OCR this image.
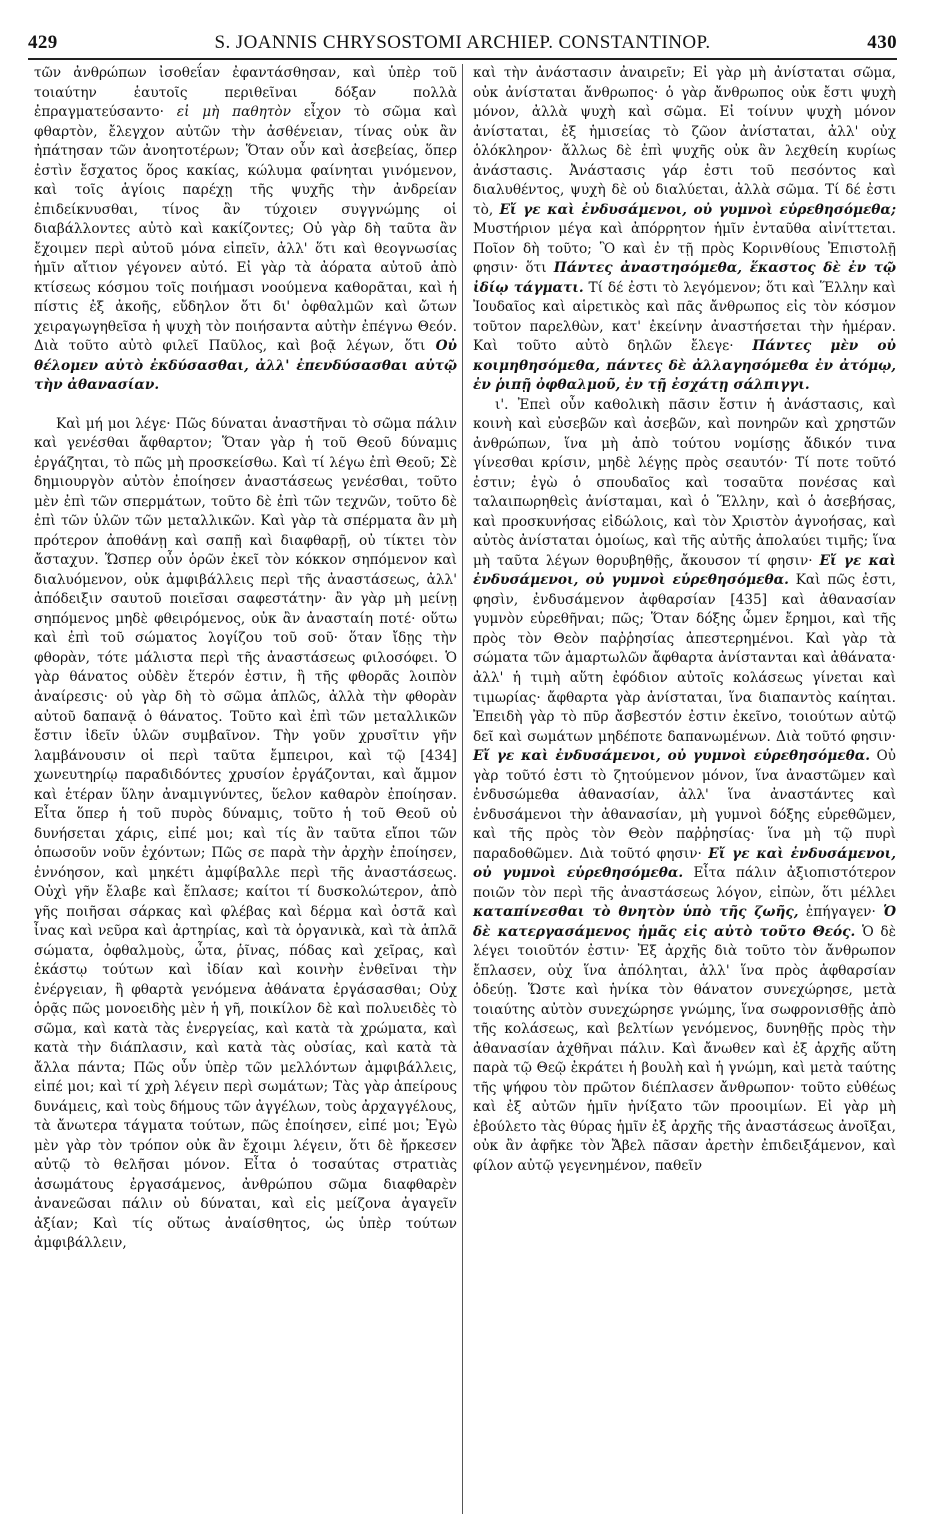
429	S. JOANNIS CHRYSOSTOMI ARCHIEP. CONSTANTINOP.	430

τῶν ἀνθρώπων ἰσοθεΐαν ἐφαντάσθησαν, καὶ ὑπὲρ τοῦ τοιαύτην ἑαυτοῖς περιθεῖναι δόξαν πολλὰ ἐπραγματεύσαντο· εἰ μὴ παθητὸν εἶχον τὸ σῶμα καὶ φθαρτὸν, ἔλεγχον αὐτῶν τὴν ἀσθένειαν, τίνας οὐκ ἂν ἠπάτησαν τῶν ἀνοητοτέρων; Ὅταν οὖν καὶ ἀσεβείας, ὅπερ ἐστὶν ἔσχατος ὅρος κακίας, κώλυμα φαίνηται γινόμενον, καὶ τοῖς ἁγίοις παρέχῃ τῆς ψυχῆς τὴν ἀνδρείαν ἐπιδείκνυσθαι, τίνος ἂν τύχοιεν συγγνώμης οἱ διαβάλλοντες αὐτὸ καὶ κακίζοντες; Οὐ γὰρ δὴ ταῦτα ἂν ἔχοιμεν περὶ αὐτοῦ μόνα εἰπεῖν, ἀλλ' ὅτι καὶ θεογνωσίας ἡμῖν αἴτιον γέγονεν αὐτό. Εἰ γὰρ τὰ ἀόρατα αὐτοῦ ἀπὸ κτίσεως κόσμου τοῖς ποιήμασι νοούμενα καθορᾶται, καὶ ἡ πίστις ἐξ ἀκοῆς, εὔδηλον ὅτι δι' ὀφθαλμῶν καὶ ὤτων χειραγωγηθεῖσα ἡ ψυχὴ τὸν ποιήσαντα αὐτὴν ἐπέγνω Θεόν. Διὰ τοῦτο αὐτὸ φιλεῖ Παῦλος, καὶ βοᾷ λέγων, ὅτι Οὐ θέλομεν αὐτὸ ἐκδύσασθαι, ἀλλ' ἐπενδύσασθαι αὐτῷ τὴν ἀθανασίαν.

Καὶ μή μοι λέγε· Πῶς δύναται ἀναστῆναι τὸ σῶμα πάλιν καὶ γενέσθαι ἄφθαρτον; Ὅταν γὰρ ἡ τοῦ Θεοῦ δύναμις ἐργάζηται, τὸ πῶς μὴ προσκείσθω. Καὶ τί λέγω ἐπὶ Θεοῦ; Σὲ δημιουργὸν αὐτὸν ἐποίησεν ἀναστάσεως γενέσθαι, τοῦτο μὲν ἐπὶ τῶν σπερμάτων, τοῦτο δὲ ἐπὶ τῶν τεχνῶν, τοῦτο δὲ ἐπὶ τῶν ὑλῶν τῶν μεταλλικῶν. Καὶ γὰρ τὰ σπέρματα ἂν μὴ πρότερον ἀποθάνῃ καὶ σαπῇ καὶ διαφθαρῇ, οὐ τίκτει τὸν ἄσταχυν. Ὥσπερ οὖν ὁρῶν ἐκεῖ τὸν κόκκον σηπόμενον καὶ διαλυόμενον, οὐκ ἀμφιβάλλεις περὶ τῆς ἀναστάσεως, ἀλλ' ἀπόδειξιν σαυτοῦ ποιεῖσαι σαφεστάτην· ἂν γὰρ μὴ μείνῃ σηπόμενος μηδὲ φθειρόμενος, οὐκ ἂν ἀνασταίη ποτέ· οὕτω καὶ ἐπὶ τοῦ σώματος λογίζου τοῦ σοῦ· ὅταν ἴδῃς τὴν φθορὰν, τότε μάλιστα περὶ τῆς ἀναστάσεως φιλοσόφει. Ὁ γὰρ θάνατος οὐδὲν ἕτερόν ἐστιν, ἢ τῆς φθορᾶς λοιπὸν ἀναίρεσις· οὐ γὰρ δὴ τὸ σῶμα ἁπλῶς, ἀλλὰ τὴν φθορὰν αὐτοῦ δαπανᾷ ὁ θάνατος. Τοῦτο καὶ ἐπὶ τῶν μεταλλικῶν ἔστιν ἰδεῖν ὑλῶν συμβαῖνον. Τὴν γοῦν χρυσῖτιν γῆν λαμβάνουσιν οἱ περὶ ταῦτα ἔμπειροι, καὶ τῷ [434] χωνευτηρίῳ παραδιδόντες χρυσίον ἐργάζονται, καὶ ἄμμον καὶ ἑτέραν ὕλην ἀναμιγνύντες, ὕελον καθαρὸν ἐποίησαν. Εἶτα ὅπερ ἡ τοῦ πυρὸς δύναμις, τοῦτο ἡ τοῦ Θεοῦ οὐ δυνήσεται χάρις, εἰπέ μοι; καὶ τίς ἂν ταῦτα εἴποι τῶν ὁπωσοῦν νοῦν ἐχόντων; Πῶς σε παρὰ τὴν ἀρχὴν ἐποίησεν, ἐννόησον, καὶ μηκέτι ἀμφίβαλλε περὶ τῆς ἀναστάσεως. Οὐχὶ γῆν ἔλαβε καὶ ἔπλασε; καίτοι τί δυσκολώτερον, ἀπὸ γῆς ποιῆσαι σάρκας καὶ φλέβας καὶ δέρμα καὶ ὀστᾶ καὶ ἶνας καὶ νεῦρα καὶ ἀρτηρίας, καὶ τὰ ὀργανικὰ, καὶ τὰ ἁπλᾶ σώματα, ὀφθαλμοὺς, ὦτα, ῥῖνας, πόδας καὶ χεῖρας, καὶ ἑκάστῳ τούτων καὶ ἰδίαν καὶ κοινὴν ἐνθεῖναι τὴν ἐνέργειαν, ἢ φθαρτὰ γενόμενα ἀθάνατα ἐργάσασθαι; Οὐχ ὁρᾷς πῶς μονοειδὴς μὲν ἡ γῆ, ποικίλον δὲ καὶ πολυειδὲς τὸ σῶμα, καὶ κατὰ τὰς ἐνεργείας, καὶ κατὰ τὰ χρώματα, καὶ κατὰ τὴν διάπλασιν, καὶ κατὰ τὰς οὐσίας, καὶ κατὰ τὰ ἄλλα πάντα; Πῶς οὖν ὑπὲρ τῶν μελλόντων ἀμφιβάλλεις, εἰπέ μοι; καὶ τί χρὴ λέγειν περὶ σωμάτων; Τὰς γὰρ ἀπείρους δυνάμεις, καὶ τοὺς δήμους τῶν ἀγγέλων, τοὺς ἀρχαγγέλους, τὰ ἄνωτερα τάγματα τούτων, πῶς ἐποίησεν, εἰπέ μοι; Ἐγὼ μὲν γὰρ τὸν τρόπον οὐκ ἂν ἔχοιμι λέγειν, ὅτι δὲ ἤρκεσεν αὐτῷ τὸ θελῆσαι μόνον. Εἶτα ὁ τοσαύτας στρατιὰς ἀσωμάτους ἐργασάμενος, ἀνθρώπου σῶμα διαφθαρὲν ἀνανεῶσαι πάλιν οὐ δύναται, καὶ εἰς μείζονα ἀγαγεῖν ἀξίαν; Καὶ τίς οὕτως ἀναίσθητος, ὡς ὑπὲρ τούτων ἀμφιβάλλειν,

καὶ τὴν ἀνάστασιν ἀναιρεῖν; Εἰ γὰρ μὴ ἀνίσταται σῶμα, οὐκ ἀνίσταται ἄνθρωπος· ὁ γὰρ ἄνθρωπος οὐκ ἔστι ψυχὴ μόνον, ἀλλὰ ψυχὴ καὶ σῶμα. Εἰ τοίνυν ψυχὴ μόνον ἀνίσταται, ἐξ ἡμισείας τὸ ζῶον ἀνίσταται, ἀλλ' οὐχ ὁλόκληρον· ἄλλως δὲ ἐπὶ ψυχῆς οὐκ ἂν λεχθείη κυρίως ἀνάστασις. Ἀνάστασις γάρ ἐστι τοῦ πεσόντος καὶ διαλυθέντος, ψυχὴ δὲ οὐ διαλύεται, ἀλλὰ σῶμα. Τί δέ ἐστι τὸ, Εἴ γε καὶ ἐνδυσάμενοι, οὐ γυμνοὶ εὑρεθησόμεθα; Μυστήριον μέγα καὶ ἀπόρρητον ἡμῖν ἐνταῦθα αἰνίττεται. Ποῖον δὴ τοῦτο; Ὃ καὶ ἐν τῇ πρὸς Κορινθίους Ἐπιστολῇ φησιν· ὅτι Πάντες ἀναστησόμεθα, ἕκαστος δὲ ἐν τῷ ἰδίῳ τάγματι. Τί δέ ἐστι τὸ λεγόμενον; ὅτι καὶ Ἕλλην καὶ Ἰουδαῖος καὶ αἱρετικὸς καὶ πᾶς ἄνθρωπος εἰς τὸν κόσμον τοῦτον παρελθὼν, κατ' ἐκείνην ἀναστήσεται τὴν ἡμέραν. Καὶ τοῦτο αὐτὸ δηλῶν ἔλεγε· Πάντες μὲν οὐ κοιμηθησόμεθα, πάντες δὲ ἀλλαγησόμεθα ἐν ἀτόμῳ, ἐν ῥιπῇ ὀφθαλμοῦ, ἐν τῇ ἐσχάτῃ σάλπιγγι.

ι'. Ἐπεὶ οὖν καθολικὴ πᾶσιν ἔστιν ἡ ἀνάστασις, καὶ κοινὴ καὶ εὐσεβῶν καὶ ἀσεβῶν, καὶ πονηρῶν καὶ χρηστῶν ἀνθρώπων, ἵνα μὴ ἀπὸ τούτου νομίσῃς ἄδικόν τινα γίνεσθαι κρίσιν, μηδὲ λέγῃς πρὸς σεαυτόν· Τί ποτε τοῦτό ἐστιν; ἐγὼ ὁ σπουδαῖος καὶ τοσαῦτα πονέσας καὶ ταλαιπωρηθεὶς ἀνίσταμαι, καὶ ὁ Ἕλλην, καὶ ὁ ἀσεβήσας, καὶ προσκυνήσας εἰδώλοις, καὶ τὸν Χριστὸν ἀγνοήσας, καὶ αὐτὸς ἀνίσταται ὁμοίως, καὶ τῆς αὐτῆς ἀπολαύει τιμῆς; ἵνα μὴ ταῦτα λέγων θορυβηθῇς, ἄκουσον τί φησιν· Εἴ γε καὶ ἐνδυσάμενοι, οὐ γυμνοὶ εὑρεθησόμεθα. Καὶ πῶς ἐστι, φησὶν, ἐνδυσάμενον ἀφθαρσίαν [435] καὶ ἀθανασίαν γυμνὸν εὑρεθῆναι; πῶς; Ὅταν δόξης ὦμεν ἔρημοι, καὶ τῆς πρὸς τὸν Θεὸν παῤῥησίας ἀπεστερημένοι. Καὶ γὰρ τὰ σώματα τῶν ἁμαρτωλῶν ἄφθαρτα ἀνίστανται καὶ ἀθάνατα· ἀλλ' ἡ τιμὴ αὕτη ἐφόδιον αὐτοῖς κολάσεως γίνεται καὶ τιμωρίας· ἄφθαρτα γὰρ ἀνίσταται, ἵνα διαπαντὸς καίηται. Ἐπειδὴ γὰρ τὸ πῦρ ἄσβεστόν ἐστιν ἐκεῖνο, τοιούτων αὐτῷ δεῖ καὶ σωμάτων μηδέποτε δαπανωμένων. Διὰ τοῦτό φησιν· Εἴ γε καὶ ἐνδυσάμενοι, οὐ γυμνοὶ εὑρεθησόμεθα. Οὐ γὰρ τοῦτό ἐστι τὸ ζητούμενον μόνον, ἵνα ἀναστῶμεν καὶ ἐνδυσώμεθα ἀθανασίαν, ἀλλ' ἵνα ἀναστάντες καὶ ἐνδυσάμενοι τὴν ἀθανασίαν, μὴ γυμνοὶ δόξης εὑρεθῶμεν, καὶ τῆς πρὸς τὸν Θεὸν παῤῥησίας· ἵνα μὴ τῷ πυρὶ παραδοθῶμεν. Διὰ τοῦτό φησιν· Εἴ γε καὶ ἐνδυσάμενοι, οὐ γυμνοὶ εὑρεθησόμεθα. Εἶτα πάλιν ἀξιοπιστότερον ποιῶν τὸν περὶ τῆς ἀναστάσεως λόγον, εἰπὼν, ὅτι μέλλει καταπίνεσθαι τὸ θνητὸν ὑπὸ τῆς ζωῆς, ἐπήγαγεν· Ὁ δὲ κατεργασάμενος ἡμᾶς εἰς αὐτὸ τοῦτο Θεός. Ὁ δὲ λέγει τοιοῦτόν ἐστιν· Ἐξ ἀρχῆς διὰ τοῦτο τὸν ἄνθρωπον ἔπλασεν, οὐχ ἵνα ἀπόληται, ἀλλ' ἵνα πρὸς ἀφθαρσίαν ὁδεύῃ. Ὥστε καὶ ἡνίκα τὸν θάνατον συνεχώρησε, μετὰ τοιαύτης αὐτὸν συνεχώρησε γνώμης, ἵνα σωφρονισθῇς ἀπὸ τῆς κολάσεως, καὶ βελτίων γενόμενος, δυνηθῇς πρὸς τὴν ἀθανασίαν ἀχθῆναι πάλιν. Καὶ ἄνωθεν καὶ ἐξ ἀρχῆς αὕτη παρὰ τῷ Θεῷ ἐκράτει ἡ βουλὴ καὶ ἡ γνώμη, καὶ μετὰ ταύτης τῆς ψήφου τὸν πρῶτον διέπλασεν ἄνθρωπον· τοῦτο εὐθέως καὶ ἐξ αὐτῶν ἡμῖν ἠνίξατο τῶν προοιμίων. Εἰ γὰρ μὴ ἐβούλετο τὰς θύρας ἡμῖν ἐξ ἀρχῆς τῆς ἀναστάσεως ἀνοῖξαι, οὐκ ἂν ἀφῆκε τὸν Ἄβελ πᾶσαν ἀρετὴν ἐπιδειξάμενον, καὶ φίλον αὐτῷ γεγενημένον, παθεῖν
